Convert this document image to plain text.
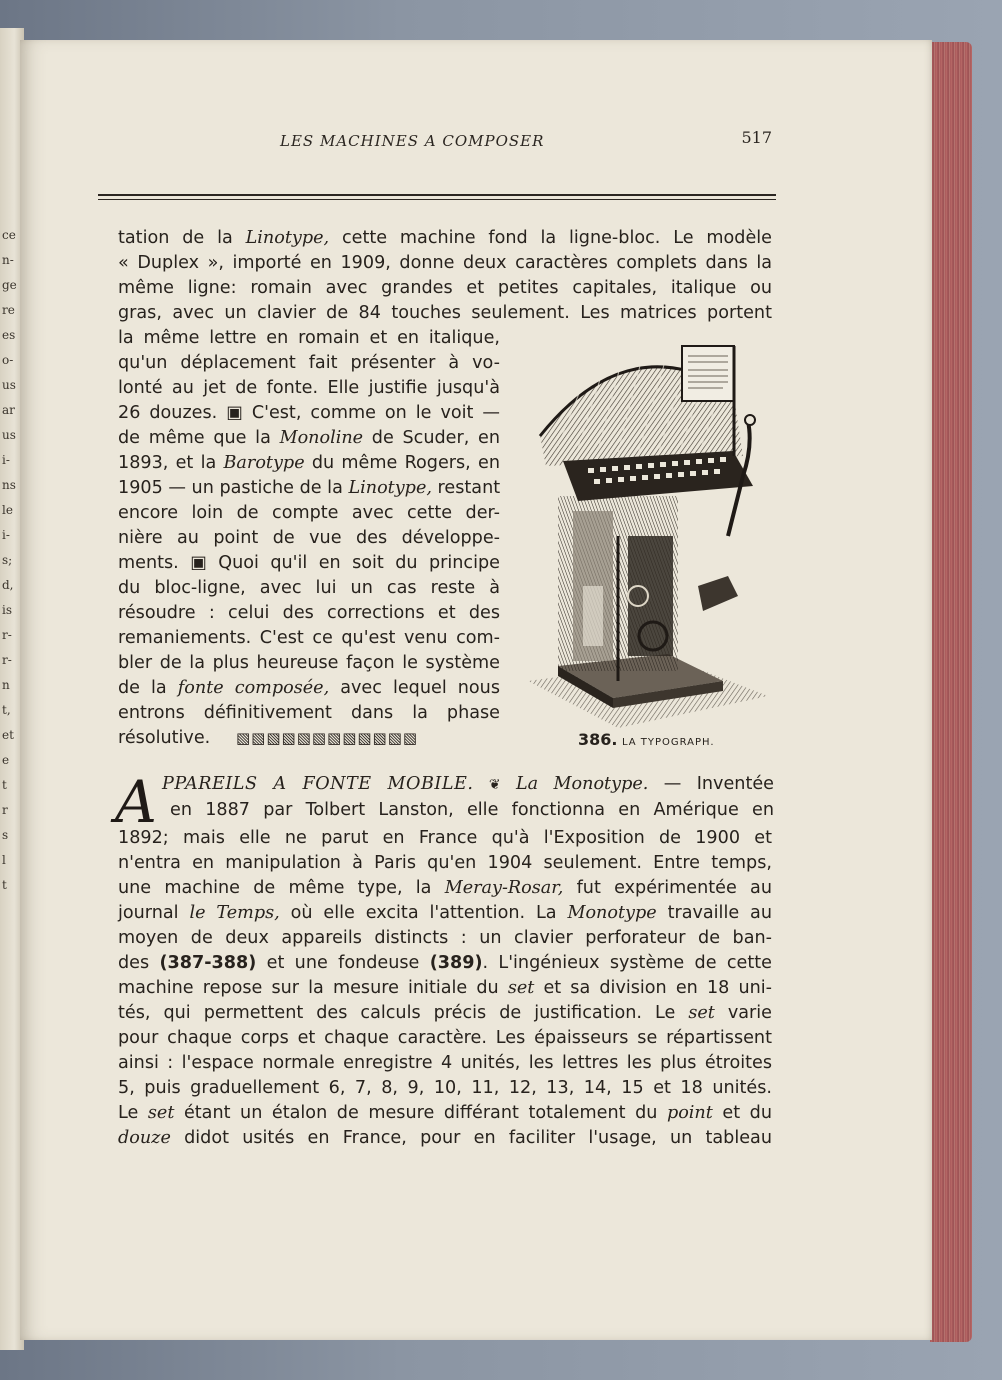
ce
n-
ge
re
es
o-
us
ar
us
i-
ns
le
i-
s;
d,
is
r-
r-
n
t,
et
e
t
r
s
l
t
LES MACHINES A COMPOSER	517
tation de la Linotype, cette machine fond la ligne-bloc. Le modèle
« Duplex », importé en 1909, donne deux caractères complets dans la
même ligne: romain avec grandes et petites capitales, italique ou
gras, avec un clavier de 84 touches seulement. Les matrices portent
la même lettre en romain et en italique,
qu'un déplacement fait présenter à vo-
lonté au jet de fonte. Elle justifie jusqu'à
26 douzes. ▣ C'est, comme on le voit —
de même que la Monoline de Scuder, en
1893, et la Barotype du même Rogers, en
1905 — un pastiche de la Linotype, restant
encore loin de compte avec cette der-
nière au point de vue des développe-
ments. ▣ Quoi qu'il en soit du principe
du bloc-ligne, avec lui un cas reste à
résoudre : celui des corrections et des
remaniements. C'est ce qu'est venu com-
bler de la plus heureuse façon le système
de la fonte composée, avec lequel nous
entrons définitivement dans la phase
résolutive.	▧▧▧▧▧▧▧▧▧▧▧▧	386. LA TYPOGRAPH.
A PPAREILS A FONTE MOBILE. ❦ La Monotype. — Inventée
en 1887 par Tolbert Lanston, elle fonctionna en Amérique en
1892; mais elle ne parut en France qu'à l'Exposition de 1900 et
n'entra en manipulation à Paris qu'en 1904 seulement. Entre temps,
une machine de même type, la Meray-Rosar, fut expérimentée au
journal le Temps, où elle excita l'attention. La Monotype travaille au
moyen de deux appareils distincts : un clavier perforateur de ban-
des (387-388) et une fondeuse (389). L'ingénieux système de cette
machine repose sur la mesure initiale du set et sa division en 18 uni-
tés, qui permettent des calculs précis de justification. Le set varie
pour chaque corps et chaque caractère. Les épaisseurs se répartissent
ainsi : l'espace normale enregistre 4 unités, les lettres les plus étroites
5, puis graduellement 6, 7, 8, 9, 10, 11, 12, 13, 14, 15 et 18 unités.
Le set étant un étalon de mesure différant totalement du point et du
douze didot usités en France, pour en faciliter l'usage, un tableau
